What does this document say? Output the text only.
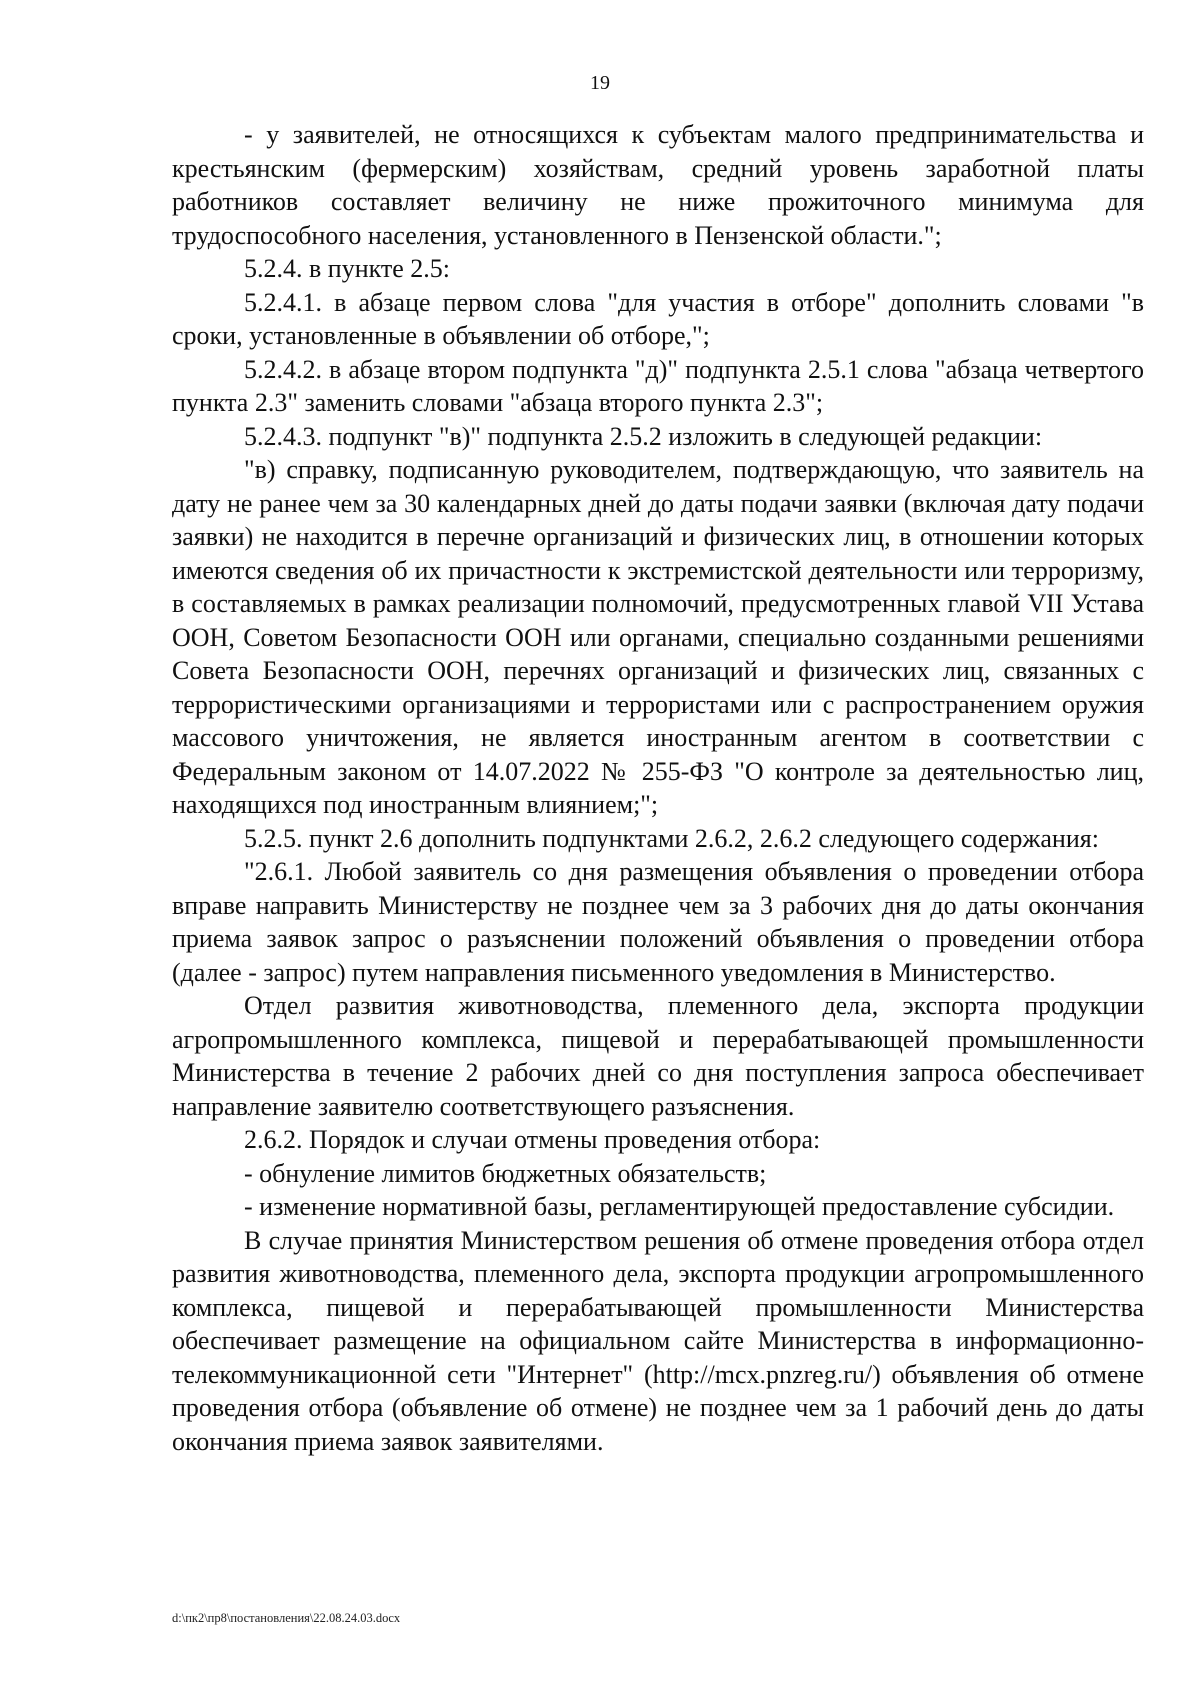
19

- у заявителей, не относящихся к субъектам малого предпринимательства и крестьянским (фермерским) хозяйствам, средний уровень заработной платы работников составляет величину не ниже прожиточного минимума для трудоспособного населения, установленного в Пензенской области.";

5.2.4. в пункте 2.5:

5.2.4.1. в абзаце первом слова "для участия в отборе" дополнить словами "в сроки, установленные в объявлении об отборе,";

5.2.4.2. в абзаце втором подпункта "д)" подпункта 2.5.1 слова "абзаца четвертого пункта 2.3" заменить словами "абзаца второго пункта 2.3";

5.2.4.3. подпункт "в)" подпункта 2.5.2 изложить в следующей редакции:

"в) справку, подписанную руководителем, подтверждающую, что заявитель на дату не ранее чем за 30 календарных дней до даты подачи заявки (включая дату подачи заявки) не находится в перечне организаций и физических лиц, в отношении которых имеются сведения об их причастности к экстремистской деятельности или терроризму, в составляемых в рамках реализации полномочий, предусмотренных главой VII Устава ООН, Советом Безопасности ООН или органами, специально созданными решениями Совета Безопасности ООН, перечнях организаций и физических лиц, связанных с террористическими организациями и террористами или с распространением оружия массового уничтожения, не является иностранным агентом в соответствии с Федеральным законом от 14.07.2022 № 255-ФЗ "О контроле за деятельностью лиц, находящихся под иностранным влиянием;";

5.2.5. пункт 2.6 дополнить подпунктами 2.6.2, 2.6.2 следующего содержания:

"2.6.1. Любой заявитель со дня размещения объявления о проведении отбора вправе направить Министерству не позднее чем за 3 рабочих дня до даты окончания приема заявок запрос о разъяснении положений объявления о проведении отбора (далее - запрос) путем направления письменного уведомления в Министерство.

Отдел развития животноводства, племенного дела, экспорта продукции агропромышленного комплекса, пищевой и перерабатывающей промышленности Министерства в течение 2 рабочих дней со дня поступления запроса обеспечивает направление заявителю соответствующего разъяснения.

2.6.2. Порядок и случаи отмены проведения отбора:

- обнуление лимитов бюджетных обязательств;

- изменение нормативной базы, регламентирующей предоставление субсидии.

В случае принятия Министерством решения об отмене проведения отбора отдел развития животноводства, племенного дела, экспорта продукции агропромышленного комплекса, пищевой и перерабатывающей промышленности Министерства обеспечивает размещение на официальном сайте Министерства в информационно-телекоммуникационной сети "Интернет" (http://mcx.pnzreg.ru/) объявления об отмене проведения отбора (объявление об отмене) не позднее чем за 1 рабочий день до даты окончания приема заявок заявителями.

d:\пк2\пр8\постановления\22.08.24.03.docx
